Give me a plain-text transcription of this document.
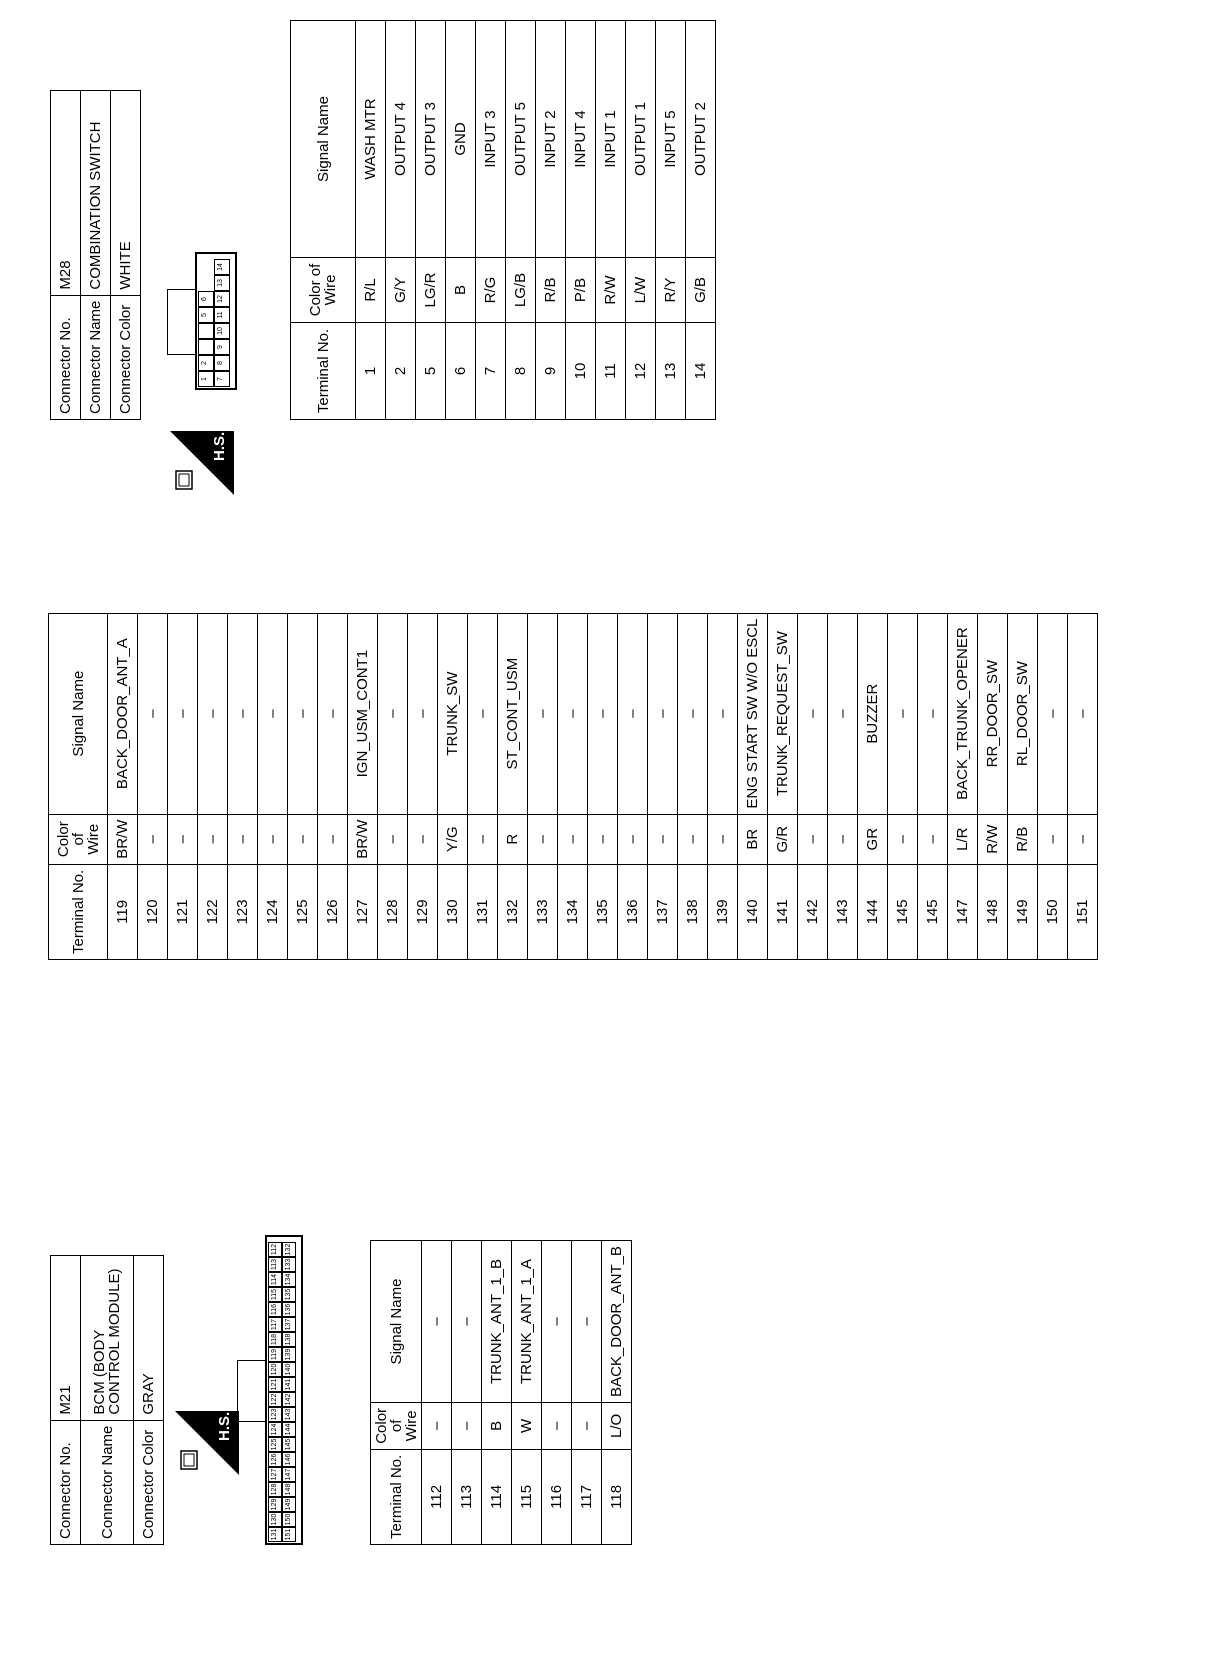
Connector No.	M21
Connector Name	BCM (BODY CONTROL MODULE)
Connector Color	GRAY
H.S.
131
130
129
128
127
126
125
124
123
122
121
120
119
118
117
116
115
114
113
112
151
150
149
148
147
146
145
144
143
142
141
140
139
138
137
136
135
134
133
132
Terminal No.	Color of Wire	Signal Name
112	–	–
113	–	–
114	B	TRUNK_ANT_1_B
115	W	TRUNK_ANT_1_A
116	–	–
117	–	–
118	L/O	BACK_DOOR_ANT_B
Terminal No.	Color of Wire	Signal Name
119	BR/W	BACK_DOOR_ANT_A
120	–	–
121	–	–
122	–	–
123	–	–
124	–	–
125	–	–
126	–	–
127	BR/W	IGN_USM_CONT1
128	–	–
129	–	–
130	Y/G	TRUNK_SW
131	–	–
132	R	ST_CONT_USM
133	–	–
134	–	–
135	–	–
136	–	–
137	–	–
138	–	–
139	–	–
140	BR	ENG START SW W/O ESCL
141	G/R	TRUNK_REQUEST_SW
142	–	–
143	–	–
144	GR	BUZZER
145	–	–
145	–	–
147	L/R	BACK_TRUNK_OPENER
148	R/W	RR_DOOR_SW
149	R/B	RL_DOOR_SW
150	–	–
151	–	–
Connector No.	M28
Connector Name	COMBINATION SWITCH
Connector Color	WHITE
H.S.
1
2
5
6
7
8
9
10
11
12
13
14
Terminal No.	Color of Wire	Signal Name
1	R/L	WASH MTR
2	G/Y	OUTPUT 4
5	LG/R	OUTPUT 3
6	B	GND
7	R/G	INPUT 3
8	LG/B	OUTPUT 5
9	R/B	INPUT 2
10	P/B	INPUT 4
11	R/W	INPUT 1
12	L/W	OUTPUT 1
13	R/Y	INPUT 5
14	G/B	OUTPUT 2
